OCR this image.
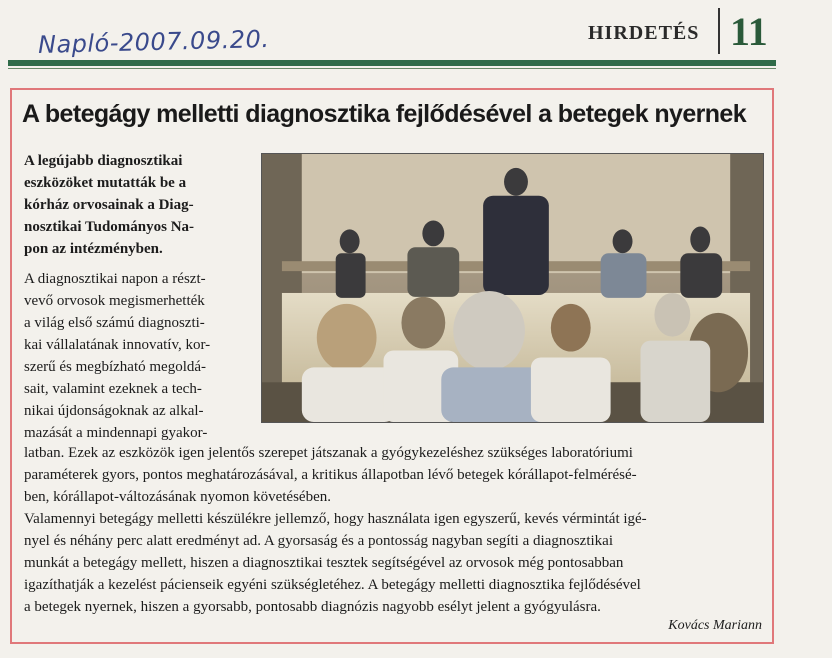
Napló-2007.09.20.	HIRDETÉS 11
A betegágy melletti diagnosztika fejlődésével a betegek nyernek
A legújabb diagnosztikai
eszközöket mutatták be a
kórház orvosainak a Diag-
nosztikai Tudományos Na-
pon az intézményben.
A diagnosztikai napon a részt-
vevő orvosok megismerhették
a világ első számú diagnoszti-
kai vállalatának innovatív, kor-
szerű és megbízható megoldá-
sait, valamint ezeknek a tech-
nikai újdonságoknak az alkal-
mazását a mindennapi gyakor-
latban. Ezek az eszközök igen jelentős szerepet játszanak a gyógykezeléshez szükséges laboratóriumi
paraméterek gyors, pontos meghatározásával, a kritikus állapotban lévő betegek kórállapot-felmérésé-
ben, kórállapot-változásának nyomon követésében.
Valamennyi betegágy melletti készülékre jellemző, hogy használata igen egyszerű, kevés vérmintát igé-
nyel és néhány perc alatt eredményt ad. A gyorsaság és a pontosság nagyban segíti a diagnosztikai
munkát a betegágy mellett, hiszen a diagnosztikai tesztek segítségével az orvosok még pontosabban
igazíthatják a kezelést pácienseik egyéni szükségletéhez. A betegágy melletti diagnosztika fejlődésével
a betegek nyernek, hiszen a gyorsabb, pontosabb diagnózis nagyobb esélyt jelent a gyógyulásra.
Kovács Mariann
